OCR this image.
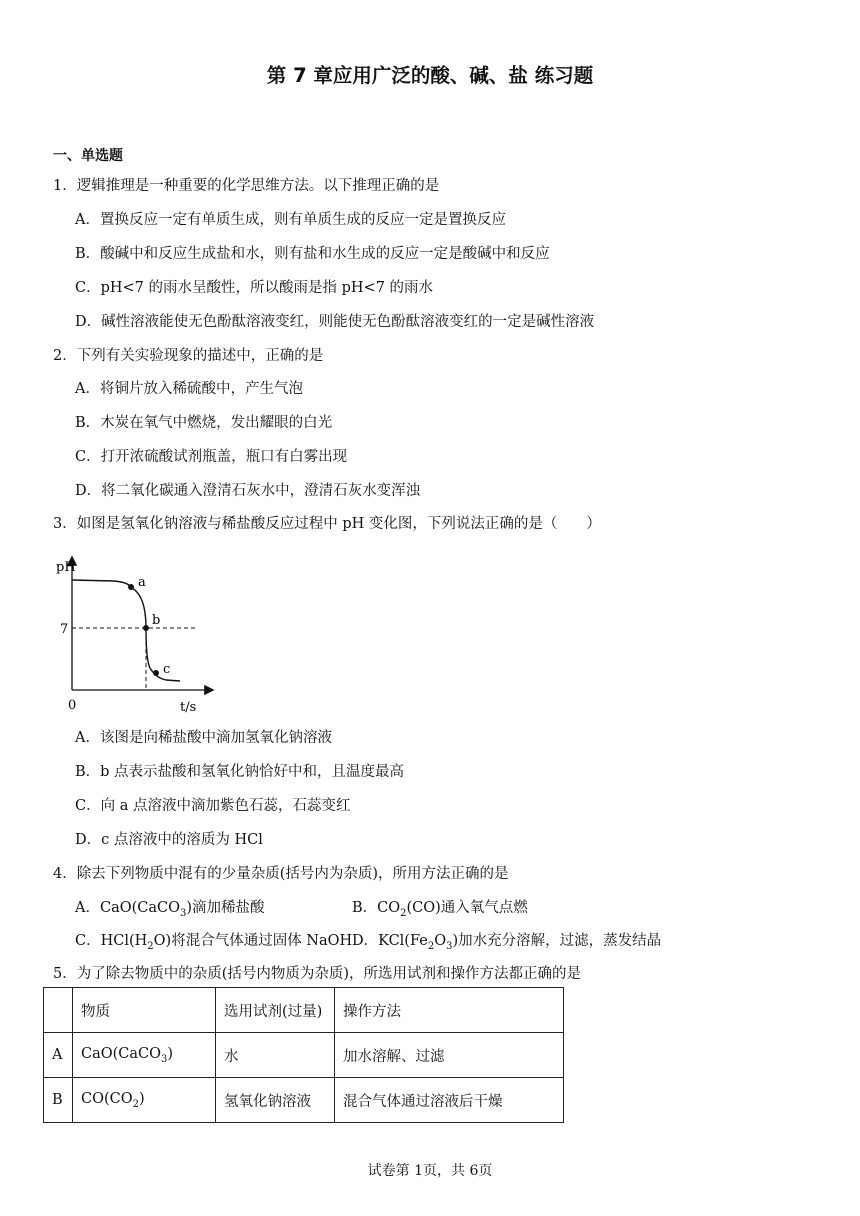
第 7 章应用广泛的酸、碱、盐 练习题
一、单选题
1．逻辑推理是一种重要的化学思维方法。以下推理正确的是
A．置换反应一定有单质生成，则有单质生成的反应一定是置换反应
B．酸碱中和反应生成盐和水，则有盐和水生成的反应一定是酸碱中和反应
C．pH<7 的雨水呈酸性，所以酸雨是指 pH<7 的雨水
D．碱性溶液能使无色酚酞溶液变红，则能使无色酚酞溶液变红的一定是碱性溶液
2．下列有关实验现象的描述中，正确的是
A．将铜片放入稀硫酸中，产生气泡
B．木炭在氧气中燃烧，发出耀眼的白光
C．打开浓硫酸试剂瓶盖，瓶口有白雾出现
D．将二氧化碳通入澄清石灰水中，澄清石灰水变浑浊
3．如图是氢氧化钠溶液与稀盐酸反应过程中 pH 变化图，下列说法正确的是（　　）
pH
t/s
0
7
a
b
c
A．该图是向稀盐酸中滴加氢氧化钠溶液
B．b 点表示盐酸和氢氧化钠恰好中和，且温度最高
C．向 a 点溶液中滴加紫色石蕊，石蕊变红
D．c 点溶液中的溶质为 HCl
4．除去下列物质中混有的少量杂质(括号内为杂质)，所用方法正确的是
A．CaO(CaCO$_3$)滴加稀盐酸	B．$CO_2(CO)$通入氧气点燃
C．$HCl(H_2O)$将混合气体通过固体 NaOH D．$KCl(Fe_2O_3)$加水充分溶解，过滤，蒸发结晶
5．为了除去物质中的杂质(括号内物质为杂质)，所选用试剂和操作方法都正确的是
	物质	选用试剂(过量)	操作方法
A	CaO(CaCO$_3$)	水	加水溶解、过滤
B	$CO(CO_2)$	氢氧化钠溶液	混合气体通过溶液后干燥
试卷第 1页，共 6页
